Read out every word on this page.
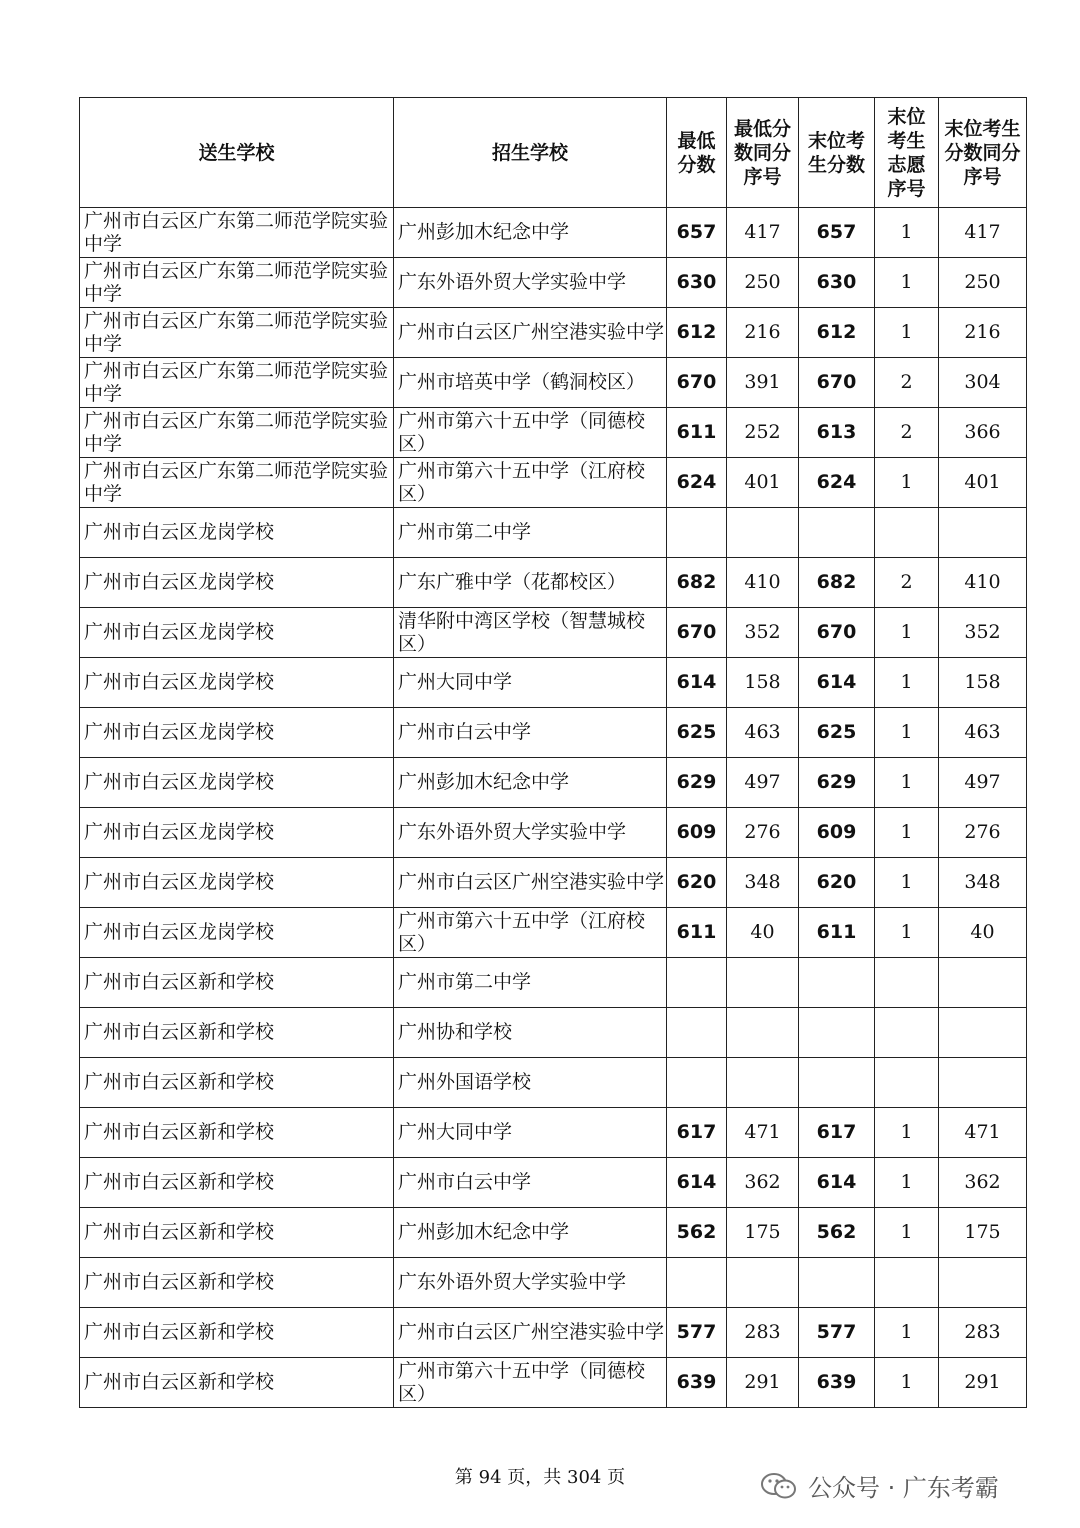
送生学校	招生学校	最低分数	最低分数同分序号	末位考生分数	末位考生志愿序号	末位考生分数同分序号

广州市白云区广东第二师范学院实验中学	广州彭加木纪念中学	657	417	657	1	417
广州市白云区广东第二师范学院实验中学	广东外语外贸大学实验中学	630	250	630	1	250
广州市白云区广东第二师范学院实验中学	广州市白云区广州空港实验中学	612	216	612	1	216
广州市白云区广东第二师范学院实验中学	广州市培英中学（鹤洞校区）	670	391	670	2	304
广州市白云区广东第二师范学院实验中学	广州市第六十五中学（同德校区）	611	252	613	2	366
广州市白云区广东第二师范学院实验中学	广州市第六十五中学（江府校区）	624	401	624	1	401
广州市白云区龙岗学校	广州市第二中学					
广州市白云区龙岗学校	广东广雅中学（花都校区）	682	410	682	2	410
广州市白云区龙岗学校	清华附中湾区学校（智慧城校区）	670	352	670	1	352
广州市白云区龙岗学校	广州大同中学	614	158	614	1	158
广州市白云区龙岗学校	广州市白云中学	625	463	625	1	463
广州市白云区龙岗学校	广州彭加木纪念中学	629	497	629	1	497
广州市白云区龙岗学校	广东外语外贸大学实验中学	609	276	609	1	276
广州市白云区龙岗学校	广州市白云区广州空港实验中学	620	348	620	1	348
广州市白云区龙岗学校	广州市第六十五中学（江府校区）	611	40	611	1	40
广州市白云区新和学校	广州市第二中学					
广州市白云区新和学校	广州协和学校					
广州市白云区新和学校	广州外国语学校					
广州市白云区新和学校	广州大同中学	617	471	617	1	471
广州市白云区新和学校	广州市白云中学	614	362	614	1	362
广州市白云区新和学校	广州彭加木纪念中学	562	175	562	1	175
广州市白云区新和学校	广东外语外贸大学实验中学					
广州市白云区新和学校	广州市白云区广州空港实验中学	577	283	577	1	283
广州市白云区新和学校	广州市第六十五中学（同德校区）	639	291	639	1	291
第 94 页，共 304 页	公众号 · 广东考霸
